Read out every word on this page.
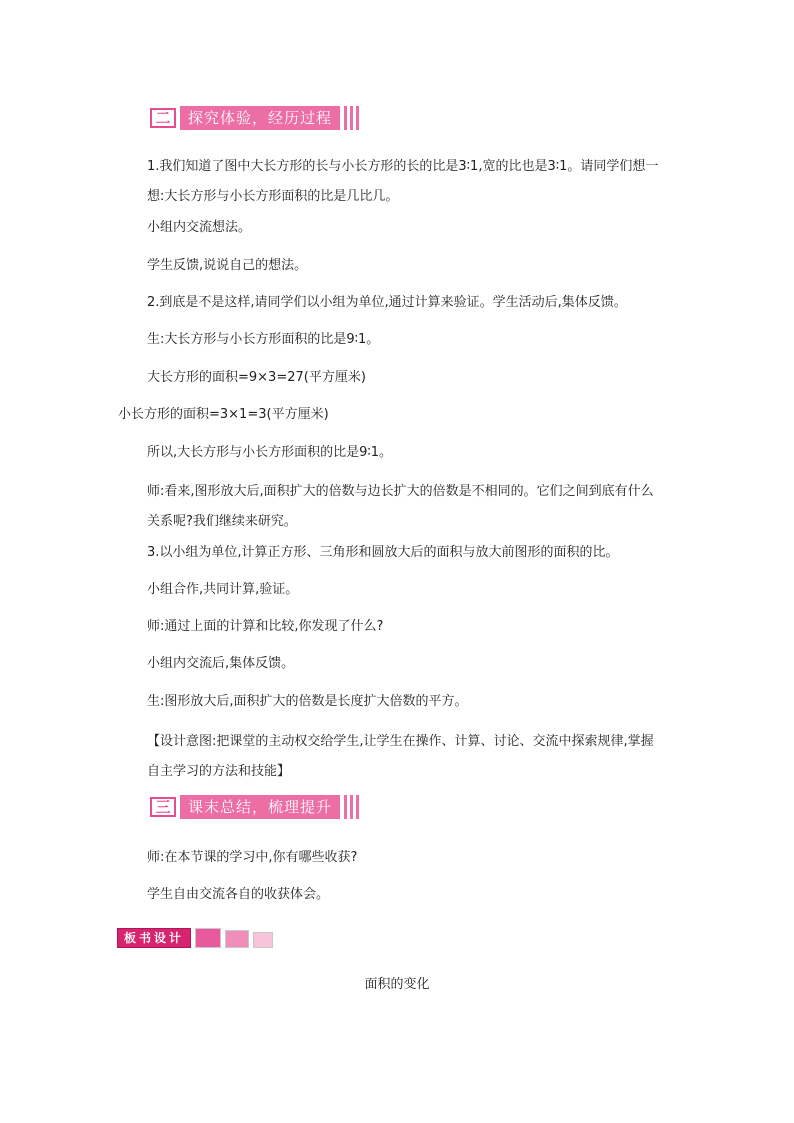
二	探究体验，经历过程

1.我们知道了图中大长方形的长与小长方形的长的比是3∶1,宽的比也是3∶1。请同学们想一想:大长方形与小长方形面积的比是几比几。

小组内交流想法。

学生反馈,说说自己的想法。

2.到底是不是这样,请同学们以小组为单位,通过计算来验证。学生活动后,集体反馈。

生:大长方形与小长方形面积的比是9∶1。

大长方形的面积=9×3=27(平方厘米)

小长方形的面积=3×1=3(平方厘米)

所以,大长方形与小长方形面积的比是9∶1。

师:看来,图形放大后,面积扩大的倍数与边长扩大的倍数是不相同的。它们之间到底有什么关系呢?我们继续来研究。

3.以小组为单位,计算正方形、三角形和圆放大后的面积与放大前图形的面积的比。

小组合作,共同计算,验证。

师:通过上面的计算和比较,你发现了什么?

小组内交流后,集体反馈。

生:图形放大后,面积扩大的倍数是长度扩大倍数的平方。

【设计意图:把课堂的主动权交给学生,让学生在操作、计算、讨论、交流中探索规律,掌握自主学习的方法和技能】

三	课末总结，梳理提升

师:在本节课的学习中,你有哪些收获?

学生自由交流各自的收获体会。

板书设计

面积的变化
